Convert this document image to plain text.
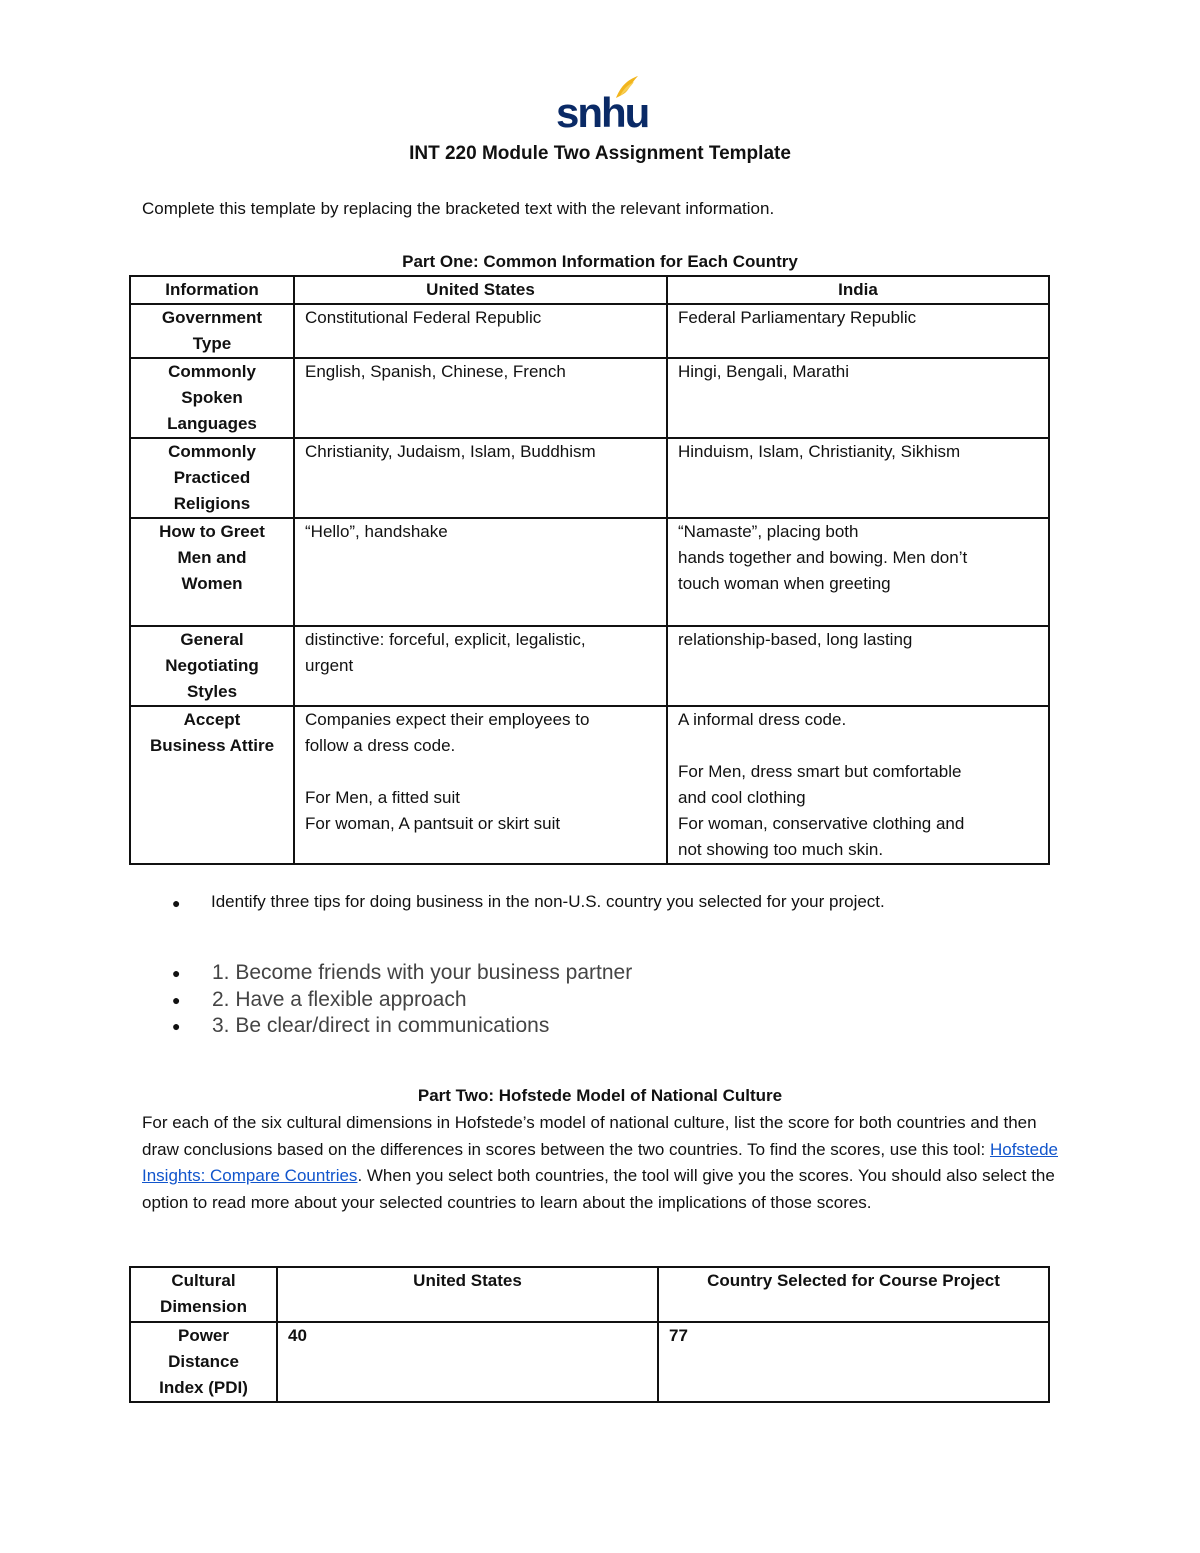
snhu
INT 220 Module Two Assignment Template
Complete this template by replacing the bracketed text with the relevant information.
Part One: Common Information for Each Country
Information	United States	India

Government
Type	Constitutional Federal Republic	Federal Parliamentary Republic

Commonly
Spoken
Languages	English, Spanish, Chinese, French	Hingi, Bengali, Marathi

Commonly
Practiced
Religions	Christianity, Judaism, Islam, Buddhism	Hinduism, Islam, Christianity, Sikhism

How to Greet
Men and
Women	“Hello”, handshake	“Namaste”, placing both
hands together and bowing. Men don’t
touch woman when greeting

General
Negotiating
Styles	distinctive: forceful, explicit, legalistic,
urgent	relationship-based, long lasting

Accept
Business Attire	Companies expect their employees to
follow a dress code.
For Men, a fitted suit
For woman, A pantsuit or skirt suit	A informal dress code.
For Men, dress smart but comfortable
and cool clothing
For woman, conservative clothing and
not showing too much skin.
● Identify three tips for doing business in the non-U.S. country you selected for your project.
● 1. Become friends with your business partner
● 2. Have a flexible approach
● 3. Be clear/direct in communications
Part Two: Hofstede Model of National Culture
For each of the six cultural dimensions in Hofstede’s model of national culture, list the score for both countries and then draw conclusions based on the differences in scores between the two countries. To find the scores, use this tool: Hofstede Insights: Compare Countries. When you select both countries, the tool will give you the scores. You should also select the option to read more about your selected countries to learn about the implications of those scores.
Cultural Dimension	United States	Country Selected for Course Project

Power
Distance
Index (PDI)	40	77
